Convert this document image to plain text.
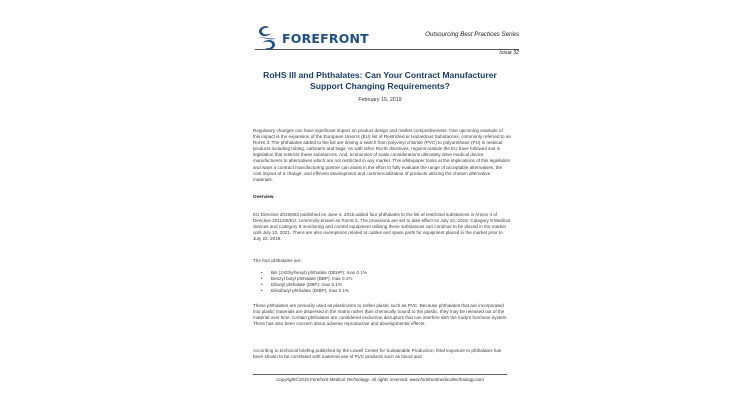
FOREFRONT	Outsourcing Best Practices Series
Issue 32
RoHS III and Phthalates: Can Your Contract Manufacturer
Support Changing Requirements?
February 15, 2019

Regulatory changes can have significant impact on product design and market competitiveness. One upcoming example of this impact is the expansion of the European Union's (EU) list of Restricted or Hazardous Substances, commonly referred to as RoHS 3. The phthalates added to the list are driving a switch from polyvinyl chloride (PVC) to polyurethane (PU) in medical products including tubing, catheters and bags. As with other RoHS directives, regions outside the EU have followed suit in legislation that restricts these substances. And, economies of scale considerations ultimately drive medical device manufacturers to alternatives which are not restricted in any market. This whitepaper looks at the implications of this legislation and ways a contract manufacturing partner can assist in the effort to fully evaluate the range of acceptable alternatives, the cost impact of a change, and efficient development and commercialization of products utilizing the chosen alternative materials.

Overview

EU Directive 2015/863 published on June 4, 2015 added four phthalates to the list of restricted substances in Annex II of Directive 2011/65/EU, commonly known as RoHS 2. The provisions are set to take effect on July 22, 2019. Category 8 Medical devices and Category 9 monitoring and control equipment utilizing these substances can continue to be placed in the market until July 22, 2021. There are also exemptions related to cables and spare parts for equipment placed in the market prior to July 22, 2019.

The four phthalates are:

• Bis (2-Ethylhexyl) phthalate (DEHP): max 0.1%
• Benzyl butyl phthalate (BBP): max 0.1%
• Dibutyl phthalate (DBP): max 0.1%
• Diisobutyl phthalate (DIBP): max 0.1%

These phthalates are primarily used as plasticizers to soften plastic such as PVC. Because phthalates that are incorporated into plastic materials are dispersed in the matrix rather than chemically bound to the plastic, they may be released out of the material over time. Certain phthalates are considered endocrine disruptors that can interfere with the body's hormone system. There has also been concern about adverse reproductive and developmental effects.

According to technical briefing published by the Lowell Center for Sustainable Production, fetal exposure to phthalates has been shown to be correlated with maternal use of PVC products such as blood and

Copyright©2019 Forefront Medical Technology. All rights reserved. www.forefrontmedicaltechnology.com
